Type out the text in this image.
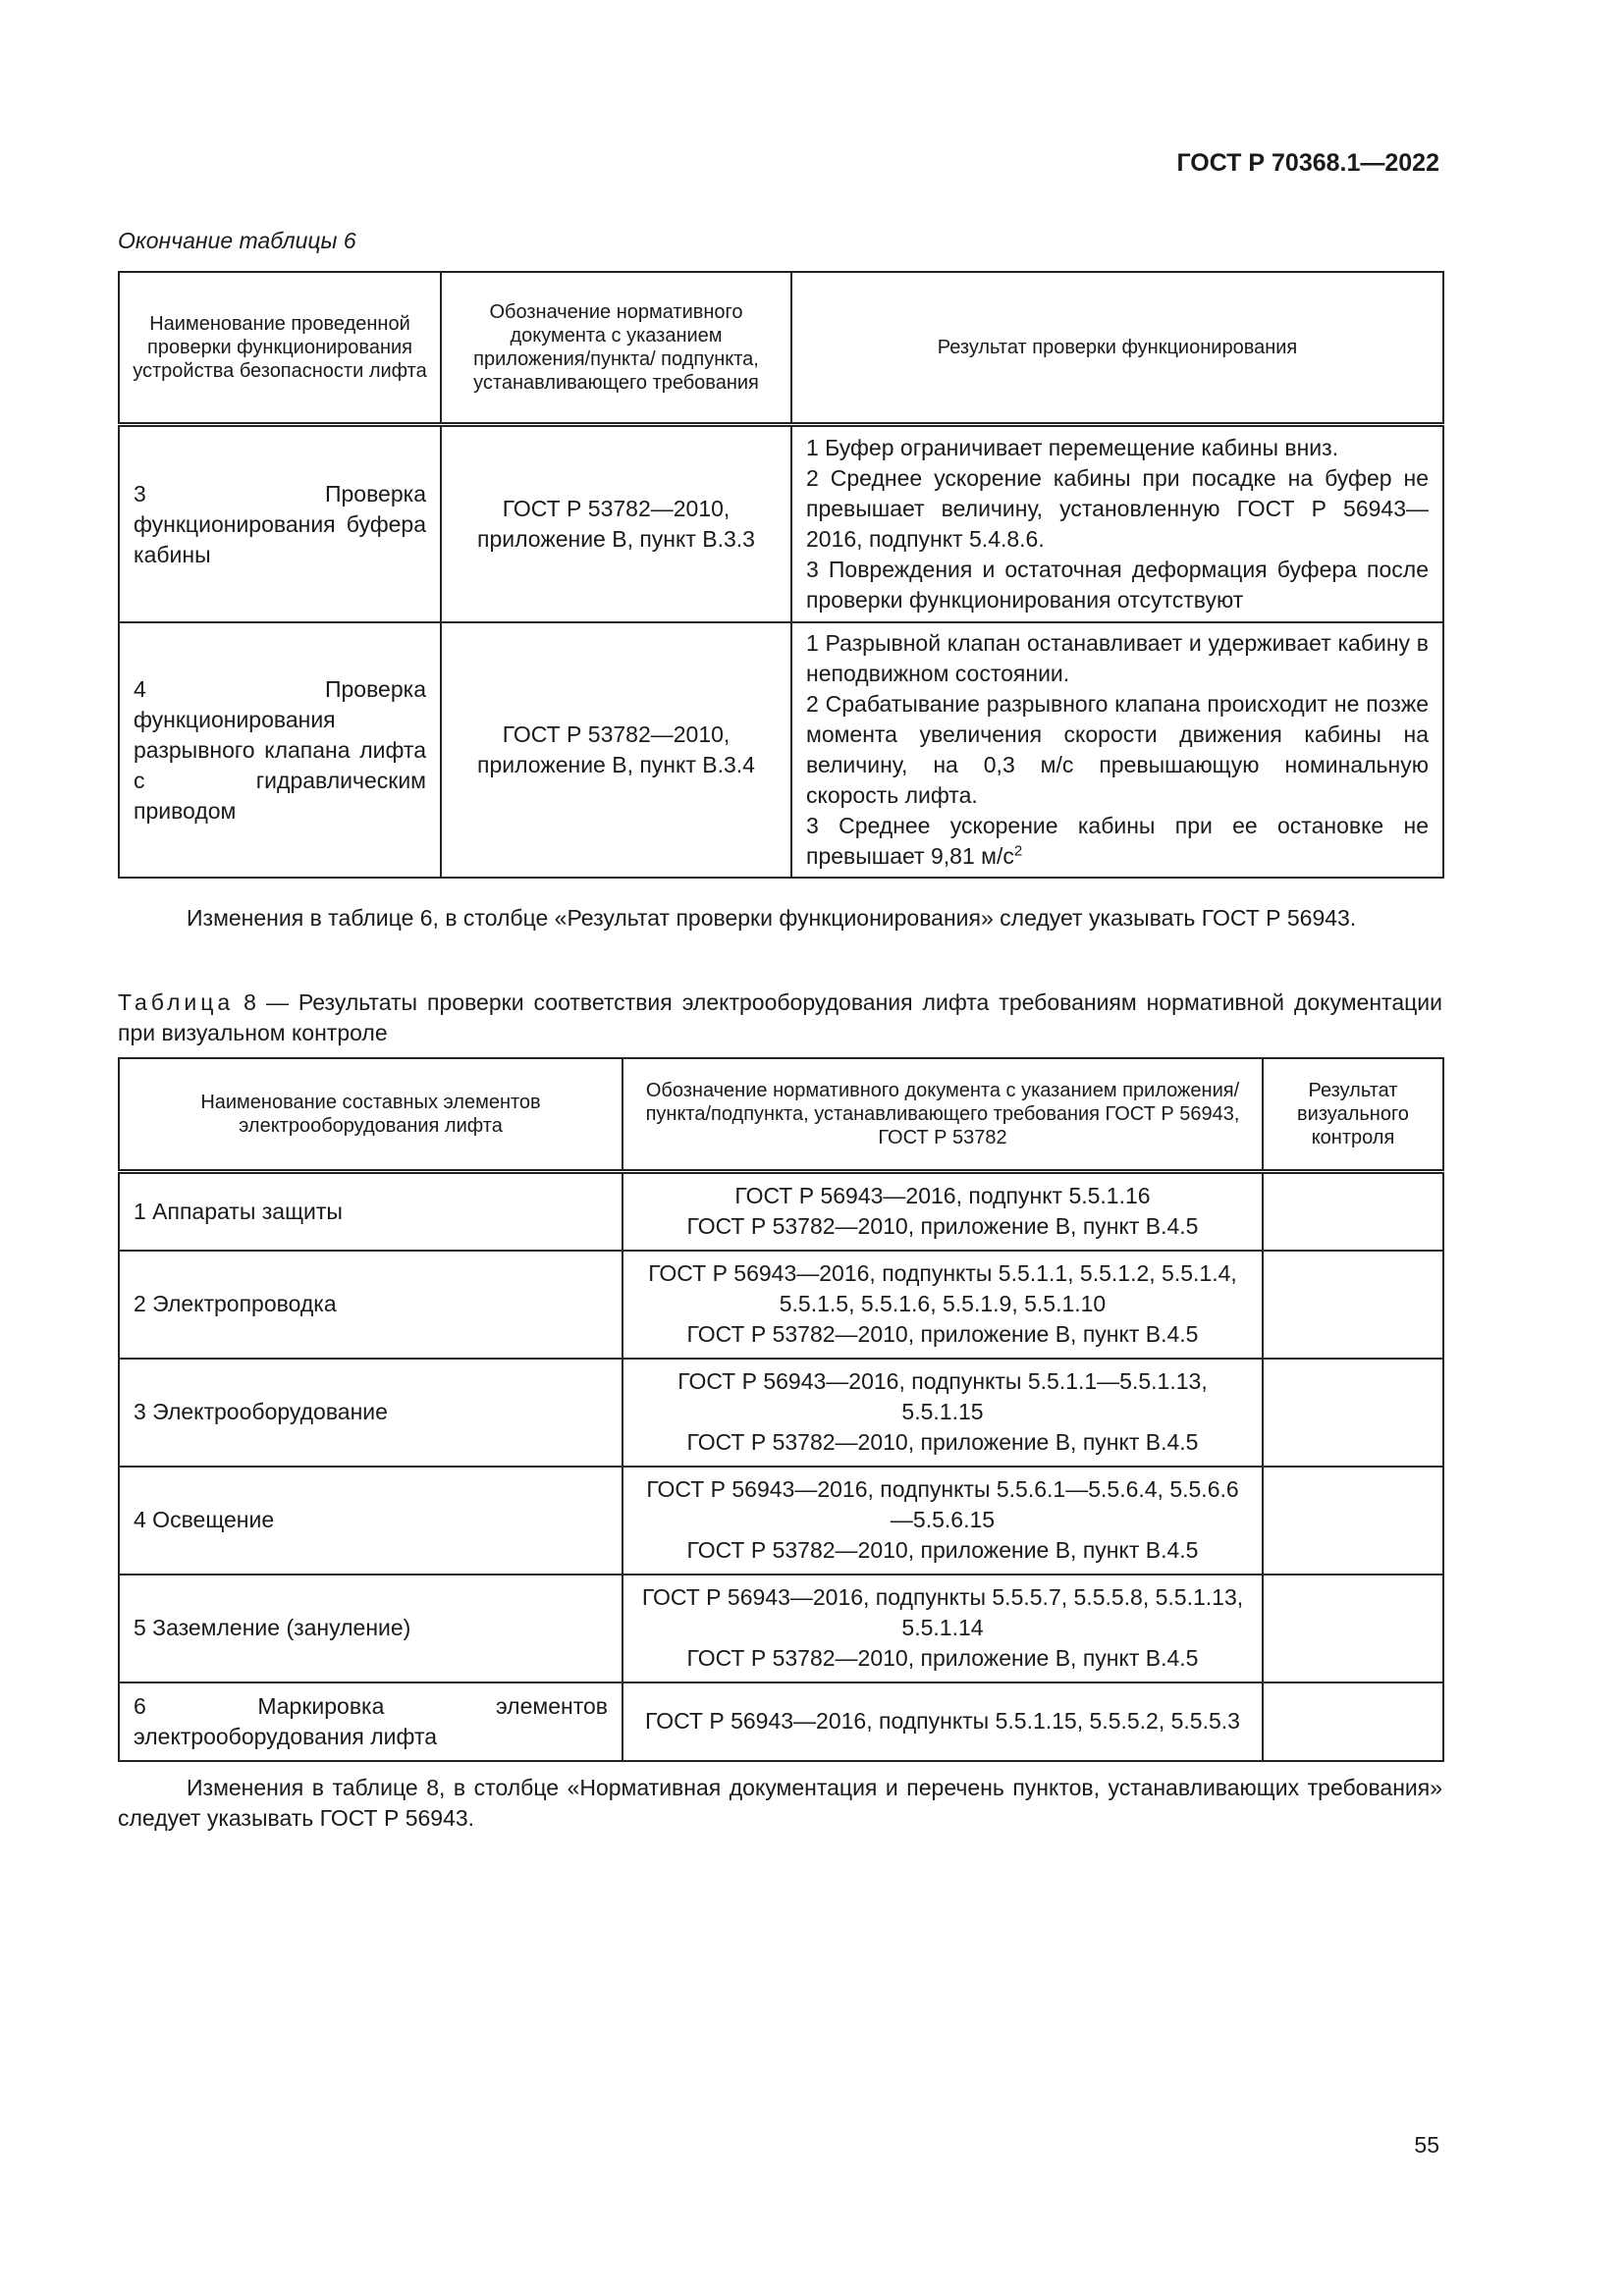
ГОСТ Р 70368.1—2022
Окончание таблицы 6
Наименование проведенной проверки функционирования устройства безопасности лифта	Обозначение нормативного документа с указанием приложения/пункта/ подпункта, устанавливающего требования	Результат проверки функционирования
3 Проверка функционирования буфера кабины	ГОСТ Р 53782—2010, приложение В, пункт В.3.3	1 Буфер ограничивает перемещение кабины вниз.
2 Среднее ускорение кабины при посадке на буфер не превышает величину, установленную ГОСТ Р 56943—2016, подпункт 5.4.8.6.
3 Повреждения и остаточная деформация буфера после проверки функционирования отсутствуют

4 Проверка функционирования разрывного клапана лифта с гидравлическим приводом	ГОСТ Р 53782—2010, приложение В, пункт В.3.4	1 Разрывной клапан останавливает и удерживает кабину в неподвижном состоянии.
2 Срабатывание разрывного клапана происходит не позже момента увеличения скорости движения кабины на величину, на 0,3 м/с превышающую номинальную скорость лифта.
3 Среднее ускорение кабины при ее остановке не превышает 9,81 $м/с^2$
Изменения в таблице 6, в столбце «Результат проверки функционирования» следует указывать ГОСТ Р 56943.
Таблица 8 — Результаты проверки соответствия электрооборудования лифта требованиям нормативной документации при визуальном контроле
Наименование составных элементов электрооборудования лифта	Обозначение нормативного документа с указанием приложения/пункта/подпункта, устанавливающего требования ГОСТ Р 56943, ГОСТ Р 53782	Результат визуального контроля
1 Аппараты защиты	ГОСТ Р 56943—2016, подпункт 5.5.1.16
ГОСТ Р 53782—2010, приложение В, пункт В.4.5	

2 Электропроводка	ГОСТ Р 56943—2016, подпункты 5.5.1.1, 5.5.1.2, 5.5.1.4, 5.5.1.5, 5.5.1.6, 5.5.1.9, 5.5.1.10
ГОСТ Р 53782—2010, приложение В, пункт В.4.5	

3 Электрооборудование	ГОСТ Р 56943—2016, подпункты 5.5.1.1—5.5.1.13, 5.5.1.15
ГОСТ Р 53782—2010, приложение В, пункт В.4.5	

4 Освещение	ГОСТ Р 56943—2016, подпункты 5.5.6.1—5.5.6.4, 5.5.6.6—5.5.6.15
ГОСТ Р 53782—2010, приложение В, пункт В.4.5	

5 Заземление (зануление)	ГОСТ Р 56943—2016, подпункты 5.5.5.7, 5.5.5.8, 5.5.1.13, 5.5.1.14
ГОСТ Р 53782—2010, приложение В, пункт В.4.5	

6 Маркировка элементов электрооборудования лифта	ГОСТ Р 56943—2016, подпункты 5.5.1.15, 5.5.5.2, 5.5.5.3	

Изменения в таблице 8, в столбце «Нормативная документация и перечень пунктов, устанавливающих требования» следует указывать ГОСТ Р 56943.
55
